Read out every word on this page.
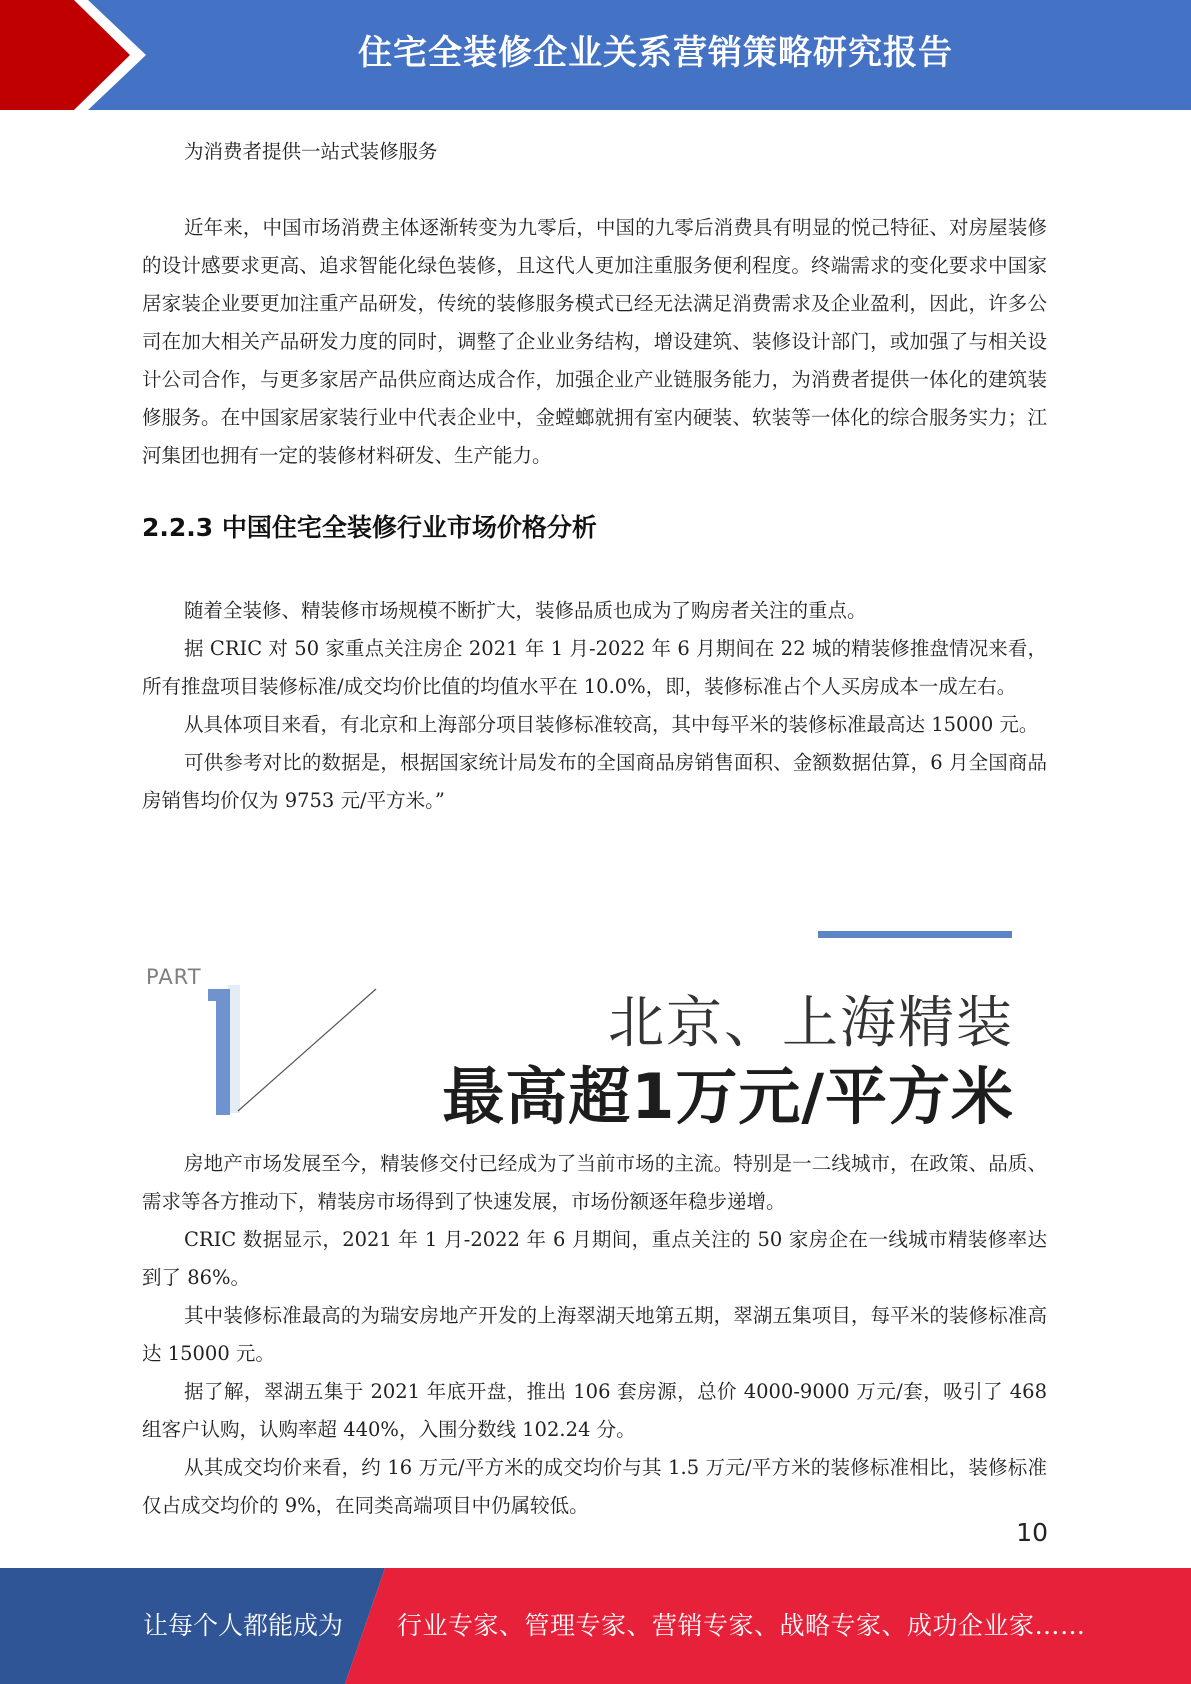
住宅全装修企业关系营销策略研究报告

为消费者提供一站式装修服务

近年来，中国市场消费主体逐渐转变为九零后，中国的九零后消费具有明显的悦己特征、对房屋装修的设计感要求更高、追求智能化绿色装修，且这代人更加注重服务便利程度。终端需求的变化要求中国家居家装企业要更加注重产品研发，传统的装修服务模式已经无法满足消费需求及企业盈利，因此，许多公司在加大相关产品研发力度的同时，调整了企业业务结构，增设建筑、装修设计部门，或加强了与相关设计公司合作，与更多家居产品供应商达成合作，加强企业产业链服务能力，为消费者提供一体化的建筑装修服务。在中国家居家装行业中代表企业中，金螳螂就拥有室内硬装、软装等一体化的综合服务实力；江河集团也拥有一定的装修材料研发、生产能力。

2.2.3 中国住宅全装修行业市场价格分析

随着全装修、精装修市场规模不断扩大，装修品质也成为了购房者关注的重点。

据 CRIC 对 50 家重点关注房企 2021 年 1 月-2022 年 6 月期间在 22 城的精装修推盘情况来看，所有推盘项目装修标准/成交均价比值的均值水平在 10.0%，即，装修标准占个人买房成本一成左右。

从具体项目来看，有北京和上海部分项目装修标准较高，其中每平米的装修标准最高达 15000 元。

可供参考对比的数据是，根据国家统计局发布的全国商品房销售面积、金额数据估算，6 月全国商品房销售均价仅为 9753 元/平方米。”

PART
北京、上海精装
最高超1万元/平方米

房地产市场发展至今，精装修交付已经成为了当前市场的主流。特别是一二线城市，在政策、品质、需求等各方推动下，精装房市场得到了快速发展，市场份额逐年稳步递增。

CRIC 数据显示，2021 年 1 月-2022 年 6 月期间，重点关注的 50 家房企在一线城市精装修率达到了 86%。

其中装修标准最高的为瑞安房地产开发的上海翠湖天地第五期，翠湖五集项目，每平米的装修标准高达 15000 元。

据了解，翠湖五集于 2021 年底开盘，推出 106 套房源，总价 4000-9000 万元/套，吸引了 468 组客户认购，认购率超 440%，入围分数线 102.24 分。

从其成交均价来看，约 16 万元/平方米的成交均价与其 1.5 万元/平方米的装修标准相比，装修标准仅占成交均价的 9%，在同类高端项目中仍属较低。

10
让每个人都能成为 行业专家、管理专家、营销专家、战略专家、成功企业家……
